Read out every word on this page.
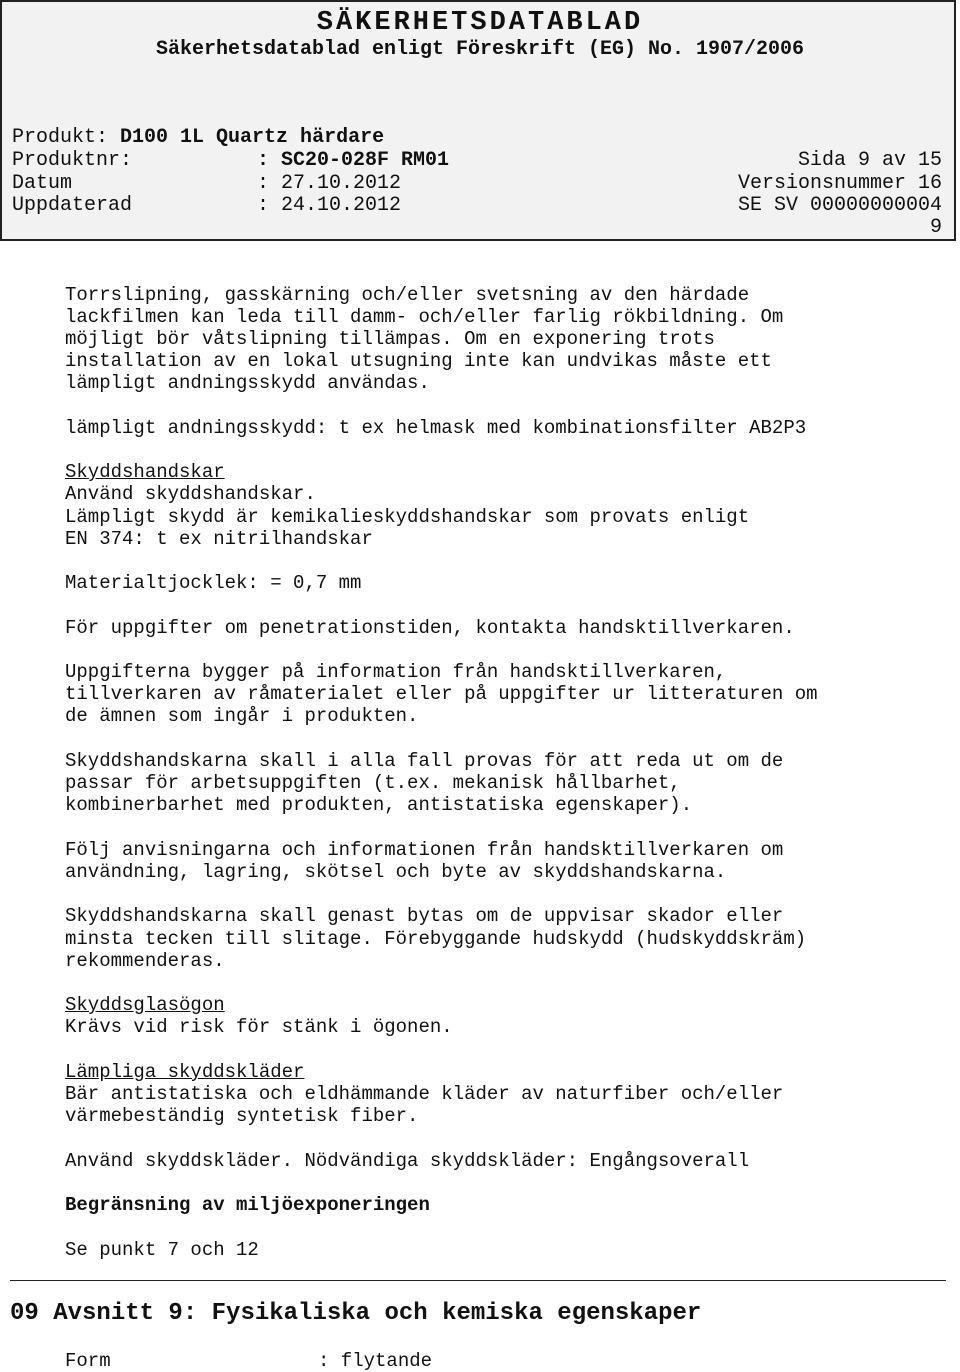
SÄKERHETSDATABLAD
Säkerhetsdatablad enligt Föreskrift (EG) No. 1907/2006
Produkt: D100 1L Quartz härdare
Produktnr:	: SC20-028F RM01	Sida 9 av 15
Datum	: 27.10.2012	Versionsnummer 16
Uppdaterad	: 24.10.2012	SE SV 00000000004
9
Torrslipning, gasskärning och/eller svetsning av den härdade
lackfilmen kan leda till damm- och/eller farlig rökbildning. Om
möjligt bör våtslipning tillämpas. Om en exponering trots
installation av en lokal utsugning inte kan undvikas måste ett
lämpligt andningsskydd användas.
lämpligt andningsskydd: t ex helmask med kombinationsfilter AB2P3
Skyddshandskar
Använd skyddshandskar.
Lämpligt skydd är kemikalieskyddshandskar som provats enligt
EN 374: t ex nitrilhandskar
Materialtjocklek: = 0,7 mm
För uppgifter om penetrationstiden, kontakta handsktillverkaren.
Uppgifterna bygger på information från handsktillverkaren,
tillverkaren av råmaterialet eller på uppgifter ur litteraturen om
de ämnen som ingår i produkten.
Skyddshandskarna skall i alla fall provas för att reda ut om de
passar för arbetsuppgiften (t.ex. mekanisk hållbarhet,
kombinerbarhet med produkten, antistatiska egenskaper).
Följ anvisningarna och informationen från handsktillverkaren om
användning, lagring, skötsel och byte av skyddshandskarna.
Skyddshandskarna skall genast bytas om de uppvisar skador eller
minsta tecken till slitage. Förebyggande hudskydd (hudskyddskräm)
rekommenderas.
Skyddsglasögon
Krävs vid risk för stänk i ögonen.
Lämpliga skyddskläder
Bär antistatiska och eldhämmande kläder av naturfiber och/eller
värmebeständig syntetisk fiber.
Använd skyddskläder. Nödvändiga skyddskläder: Engångsoverall
Begränsning av miljöexponeringen
Se punkt 7 och 12
09 Avsnitt 9: Fysikaliska och kemiska egenskaper
Form	: flytande
